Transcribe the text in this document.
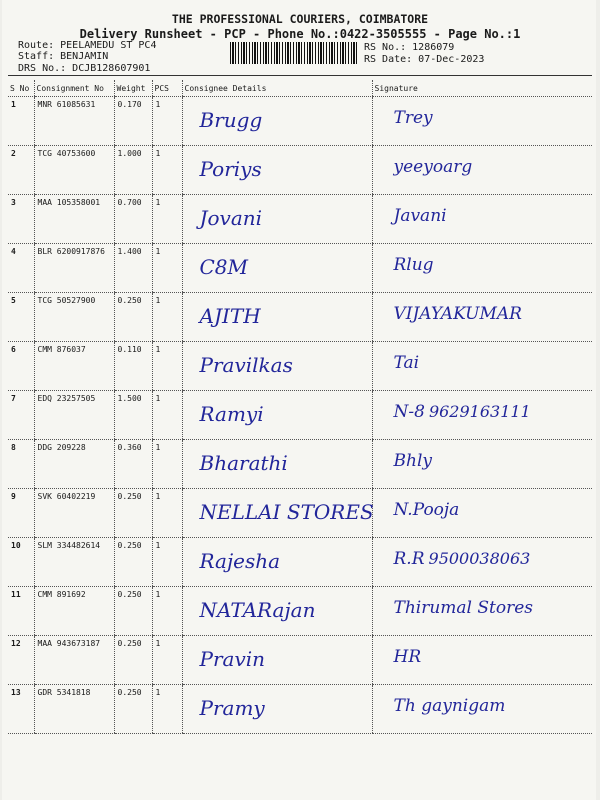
THE PROFESSIONAL COURIERS, COIMBATORE
Delivery Runsheet - PCP - Phone No.:0422-3505555 - Page No.:1
Route: PEELAMEDU ST PC4
Staff: BENJAMIN
DRS No.: DCJB128607901
RS No.: 1286079
RS Date: 07-Dec-2023
S No	Consignment No	Weight	PCS	Consignee Details	Signature
1	MNR 61085631	0.170	1	Brugg	Trey
2	TCG 40753600	1.000	1	Poriys	yeeyoarg
3	MAA 105358001	0.700	1	Jovani	Javani
4	BLR 6200917876	1.400	1	C8M	Rlug
5	TCG 50527900	0.250	1	AJITH	VIJAYAKUMAR
6	CMM 876037	0.110	1	Pravilkas	Tai
7	EDQ 23257505	1.500	1	Ramyi	N-8 9629163111
8	DDG 209228	0.360	1	Bharathi	Bhly
9	SVK 60402219	0.250	1	NELLAI STORES	N.Pooja
10	SLM 334482614	0.250	1	Rajesha	R.R 9500038063
11	CMM 891692	0.250	1	NATARajan	Thirumal Stores
12	MAA 943673187	0.250	1	Pravin	HR
13	GDR 5341818	0.250	1	Pramy	Th gaynigam
